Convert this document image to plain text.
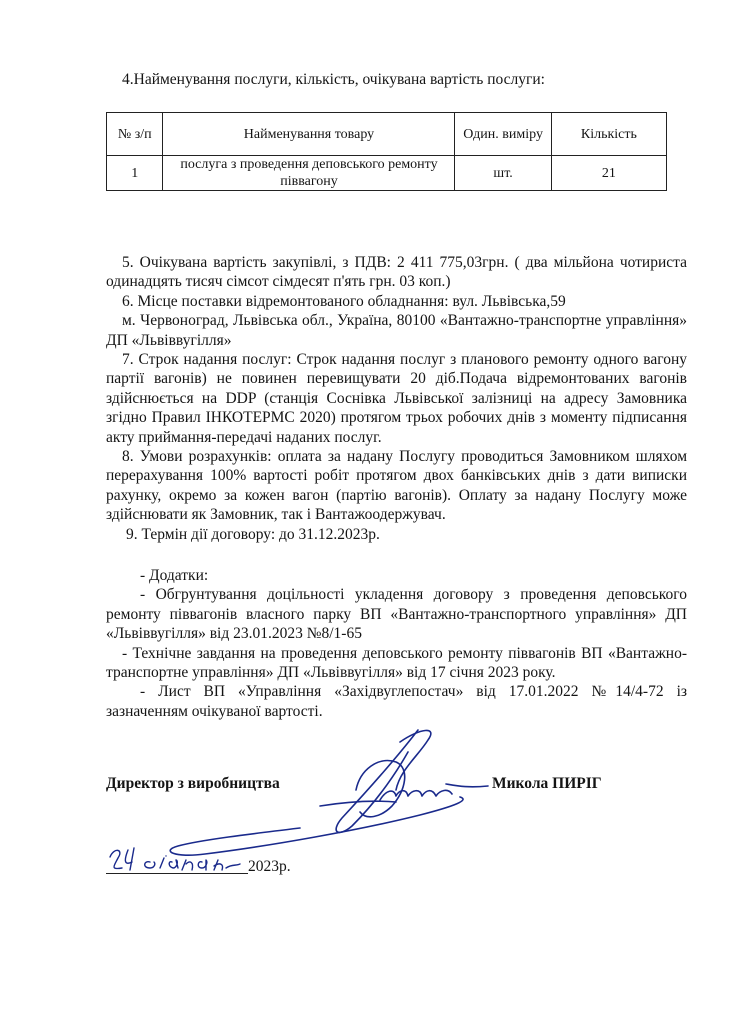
4.Найменування послуги, кількість, очікувана вартість послуги:
№ з/п	Найменування товару	Один. виміру	Кількість
1	послуга з проведення деповського ремонту піввагону	шт.	21

5. Очікувана вартість закупівлі, з ПДВ: 2 411 775,03грн. ( два мільйона чотириста одинадцять тисяч сімсот сімдесят п'ять грн. 03 коп.)

6. Місце поставки відремонтованого обладнання: вул. Львівська,59

м. Червоноград, Львівська обл., Україна, 80100 «Вантажно-транспортне управління» ДП «Львіввугілля»

7. Строк надання послуг: Строк надання послуг з планового ремонту одного вагону партії вагонів) не повинен перевищувати 20 діб.Подача відремонтованих вагонів здійснюється на DDP (станція Соснівка Львівської залізниці на адресу Замовника згідно Правил ІНКОТЕРМС 2020) протягом трьох робочих днів з моменту підписання акту приймання-передачі наданих послуг.

8. Умови розрахунків: оплата за надану Послугу проводиться Замовником шляхом перерахування 100% вартості робіт протягом двох банківських днів з дати виписки рахунку, окремо за кожен вагон (партію вагонів). Оплату за надану Послугу може здійснювати як Замовник, так і Вантажоодержувач.

9. Термін дії договору: до 31.12.2023р.

- Додатки:

- Обгрунтування доцільності укладення договору з проведення деповського ремонту піввагонів власного парку ВП «Вантажно-транспортного управління» ДП «Львіввугілля» від 23.01.2023 №8/1-65

- Технічне завдання на проведення деповського ремонту піввагонів ВП «Вантажно-транспортне управління» ДП «Львіввугілля» від 17 січня 2023 року.

- Лист ВП «Управління «Західвуглепостач» від 17.01.2022 №14/4-72 із зазначенням очікуваної вартості.

Директор з виробництва	Микола ПИРІГ
2023р.
